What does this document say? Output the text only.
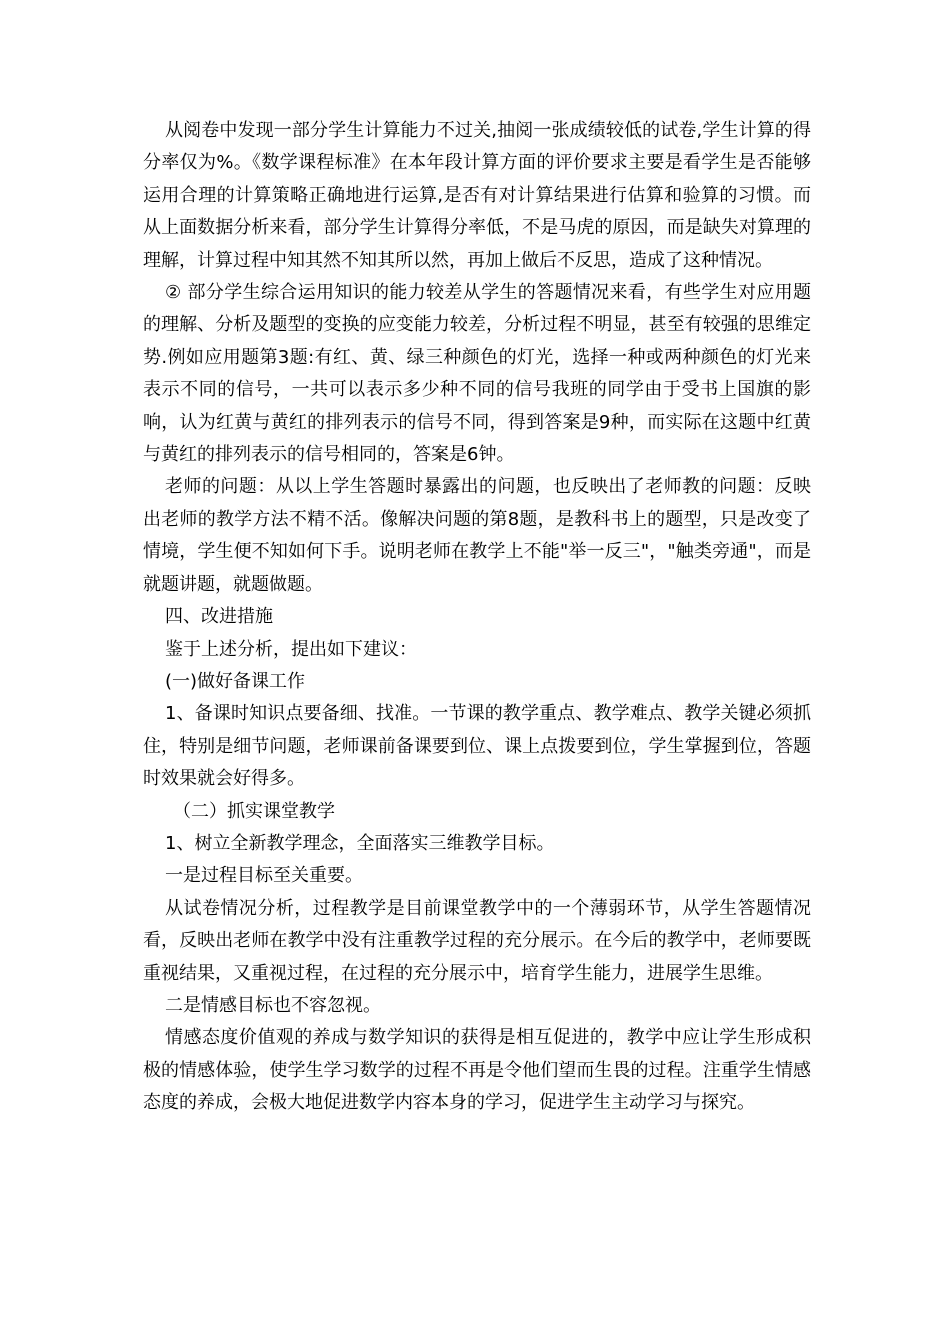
从阅卷中发现一部分学生计算能力不过关,抽阅一张成绩较低的试卷,学生计算的得分率仅为%。《数学课程标准》在本年段计算方面的评价要求主要是看学生是否能够运用合理的计算策略正确地进行运算,是否有对计算结果进行估算和验算的习惯。而从上面数据分析来看，部分学生计算得分率低，不是马虎的原因，而是缺失对算理的理解，计算过程中知其然不知其所以然，再加上做后不反思，造成了这种情况。

② 部分学生综合运用知识的能力较差从学生的答题情况来看，有些学生对应用题的理解、分析及题型的变换的应变能力较差，分析过程不明显，甚至有较强的思维定势.例如应用题第3题:有红、黄、绿三种颜色的灯光，选择一种或两种颜色的灯光来表示不同的信号，一共可以表示多少种不同的信号我班的同学由于受书上国旗的影响，认为红黄与黄红的排列表示的信号不同，得到答案是9种，而实际在这题中红黄与黄红的排列表示的信号相同的，答案是6钟。

老师的问题：从以上学生答题时暴露出的问题，也反映出了老师教的问题：反映出老师的教学方法不精不活。像解决问题的第8题，是教科书上的题型，只是改变了情境，学生便不知如何下手。说明老师在教学上不能"举一反三"，"触类旁通"，而是就题讲题，就题做题。

四、改进措施

鉴于上述分析，提出如下建议：

(一)做好备课工作

1、备课时知识点要备细、找准。一节课的教学重点、教学难点、教学关键必须抓住，特别是细节问题，老师课前备课要到位、课上点拨要到位，学生掌握到位，答题时效果就会好得多。

（二）抓实课堂教学

1、树立全新教学理念，全面落实三维教学目标。

一是过程目标至关重要。

从试卷情况分析，过程教学是目前课堂教学中的一个薄弱环节，从学生答题情况看，反映出老师在教学中没有注重教学过程的充分展示。在今后的教学中，老师要既重视结果，又重视过程，在过程的充分展示中，培育学生能力，进展学生思维。

二是情感目标也不容忽视。

情感态度价值观的养成与数学知识的获得是相互促进的，教学中应让学生形成积极的情感体验，使学生学习数学的过程不再是令他们望而生畏的过程。注重学生情感态度的养成，会极大地促进数学内容本身的学习，促进学生主动学习与探究。
